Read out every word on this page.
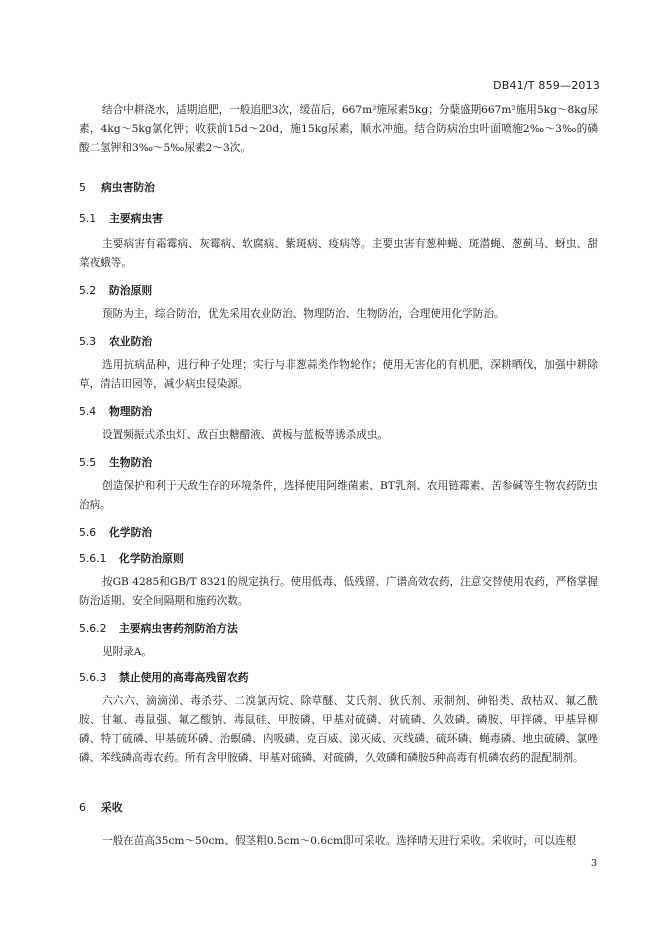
DB41/T 859—2013

结合中耕浇水，适期追肥，一般追肥3次，缓苗后，667m²施尿素5kg；分蘖盛期667m²施用5kg～8kg尿素，4kg～5kg氯化钾；收获前15d～20d，施15kg尿素，顺水冲施。结合防病治虫叶面喷施2‰～3‰的磷酸二氢钾和3‰～5‰尿素2～3次。

5 病虫害防治
5.1 主要病虫害

主要病害有霜霉病、灰霉病、软腐病、紫斑病、疫病等。主要虫害有葱种蝇、斑潜蝇、葱蓟马、蚜虫、甜菜夜蛾等。

5.2 防治原则

预防为主，综合防治，优先采用农业防治、物理防治、生物防治，合理使用化学防治。

5.3 农业防治

选用抗病品种，进行种子处理；实行与非葱蒜类作物轮作；使用无害化的有机肥，深耕晒伐，加强中耕除草，清洁田园等，减少病虫侵染源。

5.4 物理防治

设置频振式杀虫灯、敌百虫糖醋液、黄板与蓝板等诱杀成虫。

5.5 生物防治

创造保护和利于天敌生存的环境条件，选择使用阿维菌素、BT乳剂、农用链霉素、苦参碱等生物农药防虫治病。

5.6 化学防治
5.6.1 化学防治原则

按GB 4285和GB/T 8321的规定执行。使用低毒、低残留、广谱高效农药，注意交替使用农药，严格掌握防治适期、安全间隔期和施药次数。

5.6.2 主要病虫害药剂防治方法

见附录A。

5.6.3 禁止使用的高毒高残留农药

六六六、滴滴涕、毒杀芬、二溴氯丙烷、除草醚、艾氏剂、狄氏剂、汞制剂、砷铅类、敌枯双、氟乙酰胺、甘氟、毒鼠强、氟乙酸钠、毒鼠硅、甲胺磷、甲基对硫磷、对硫磷、久效磷、磷胺、甲拌磷、甲基异柳磷、特丁硫磷、甲基硫环磷、治螟磷、内吸磷、克百威、涕灭威、灭线磷、硫环磷、蝇毒磷、地虫硫磷、氯唑磷、苯线磷高毒农药。所有含甲胺磷、甲基对硫磷、对硫磷，久效磷和磷胺5种高毒有机磷农药的混配制剂。

6 采收

一般在苗高35cm～50cm、假茎粗0.5cm～0.6cm即可采收。选择晴天进行采收。采收时，可以连根

3
